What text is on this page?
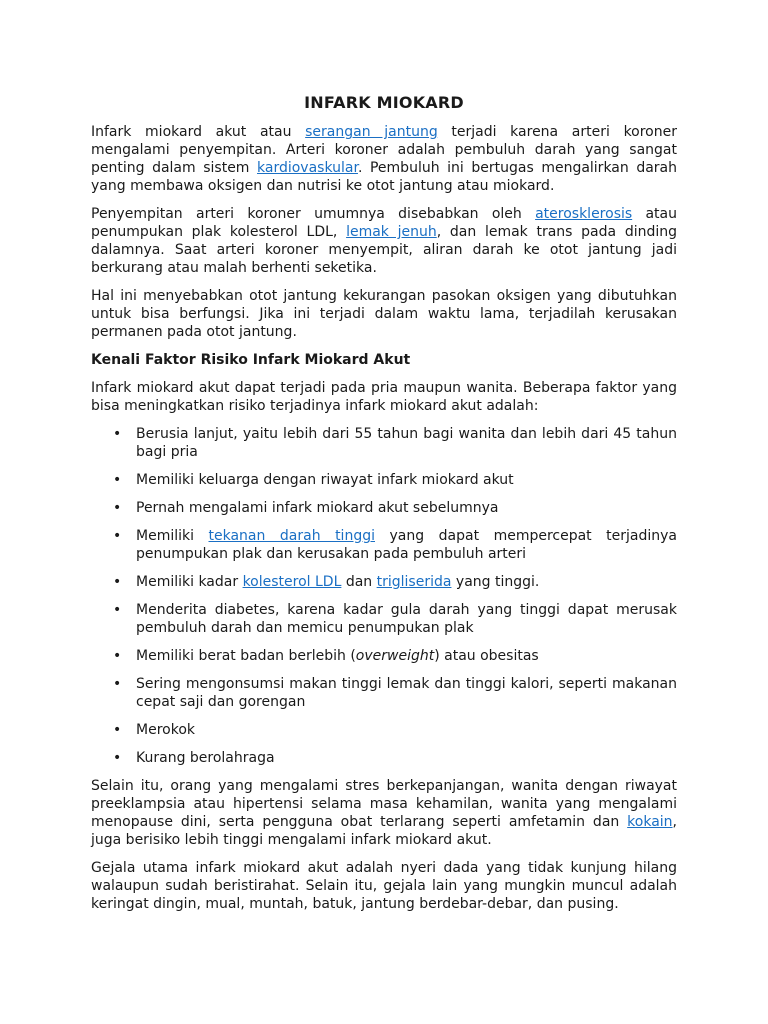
INFARK MIOKARD

Infark miokard akut atau serangan jantung terjadi karena arteri koroner mengalami penyempitan. Arteri koroner adalah pembuluh darah yang sangat penting dalam sistem kardiovaskular. Pembuluh ini bertugas mengalirkan darah yang membawa oksigen dan nutrisi ke otot jantung atau miokard.

Penyempitan arteri koroner umumnya disebabkan oleh aterosklerosis atau penumpukan plak kolesterol LDL, lemak jenuh, dan lemak trans pada dinding dalamnya. Saat arteri koroner menyempit, aliran darah ke otot jantung jadi berkurang atau malah berhenti seketika.

Hal ini menyebabkan otot jantung kekurangan pasokan oksigen yang dibutuhkan untuk bisa berfungsi. Jika ini terjadi dalam waktu lama, terjadilah kerusakan permanen pada otot jantung.

Kenali Faktor Risiko Infark Miokard Akut

Infark miokard akut dapat terjadi pada pria maupun wanita. Beberapa faktor yang bisa meningkatkan risiko terjadinya infark miokard akut adalah:

• Berusia lanjut, yaitu lebih dari 55 tahun bagi wanita dan lebih dari 45 tahun bagi pria
• Memiliki keluarga dengan riwayat infark miokard akut
• Pernah mengalami infark miokard akut sebelumnya
• Memiliki tekanan darah tinggi yang dapat mempercepat terjadinya penumpukan plak dan kerusakan pada pembuluh arteri
• Memiliki kadar kolesterol LDL dan trigliserida yang tinggi.
• Menderita diabetes, karena kadar gula darah yang tinggi dapat merusak pembuluh darah dan memicu penumpukan plak
• Memiliki berat badan berlebih (overweight) atau obesitas
• Sering mengonsumsi makan tinggi lemak dan tinggi kalori, seperti makanan cepat saji dan gorengan
• Merokok
• Kurang berolahraga

Selain itu, orang yang mengalami stres berkepanjangan, wanita dengan riwayat preeklampsia atau hipertensi selama masa kehamilan, wanita yang mengalami menopause dini, serta pengguna obat terlarang seperti amfetamin dan kokain, juga berisiko lebih tinggi mengalami infark miokard akut.

Gejala utama infark miokard akut adalah nyeri dada yang tidak kunjung hilang walaupun sudah beristirahat. Selain itu, gejala lain yang mungkin muncul adalah keringat dingin, mual, muntah, batuk, jantung berdebar-debar, dan pusing.
